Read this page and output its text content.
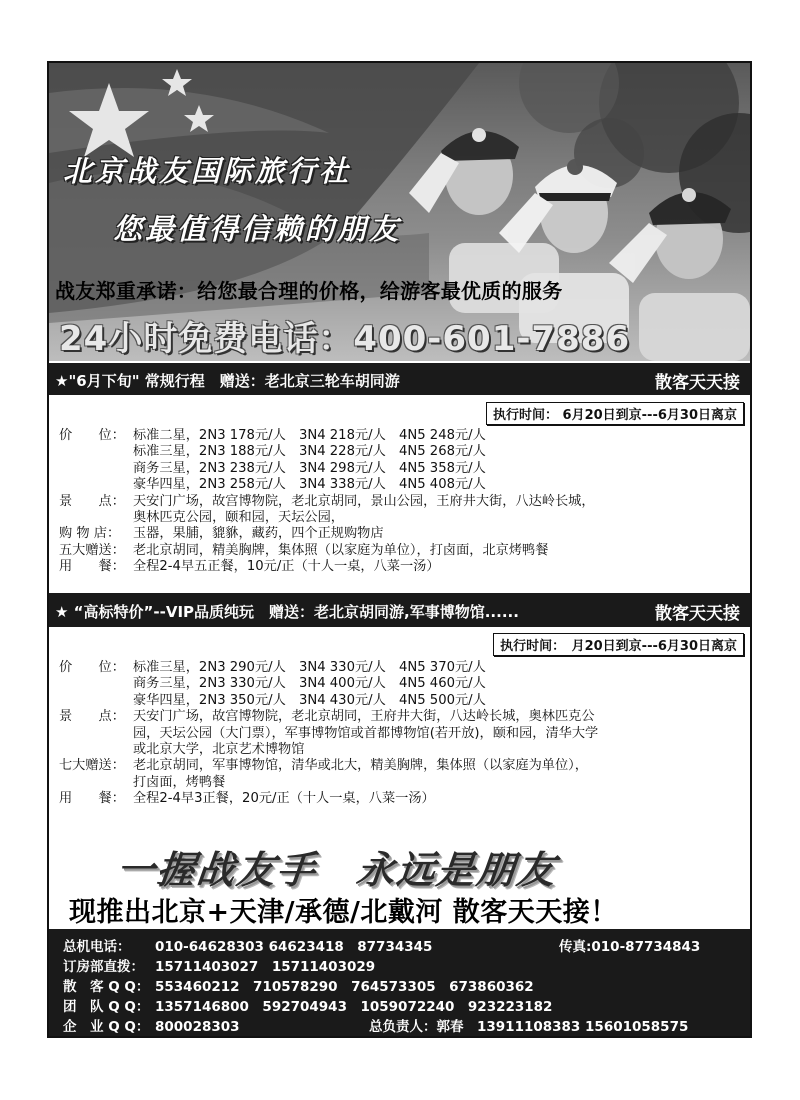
北京战友国际旅行社
您最值得信赖的朋友
战友郑重承诺：给您最合理的价格，给游客最优质的服务
24小时免费电话：400-601-7886
★"6月下旬" 常规行程　赠送：老北京三轮车胡同游	散客天天接
执行时间： 6月20日到京---6月30日离京
价　　位： 标准二星，2N3 178元/人　3N4 218元/人　4N5 248元/人
标准三星，2N3 188元/人　3N4 228元/人　4N5 268元/人
商务三星，2N3 238元/人　3N4 298元/人　4N5 358元/人
豪华四星，2N3 258元/人　3N4 338元/人　4N5 408元/人
景　　点： 天安门广场，故宫博物院，老北京胡同，景山公园，王府井大街，八达岭长城，
奥林匹克公园，颐和园，天坛公园，
购 物 店： 玉器，果脯，貔貅，藏药，四个正规购物店
五大赠送： 老北京胡同，精美胸牌，集体照（以家庭为单位），打卤面，北京烤鸭餐
用　　餐： 全程2-4早五正餐，10元/正（十人一桌，八菜一汤）
★ “高标特价”--VIP品质纯玩　赠送：老北京胡同游,军事博物馆......	散客天天接
执行时间：　月20日到京---6月30日离京
价　　位： 标准三星，2N3 290元/人　3N4 330元/人　4N5 370元/人
商务三星，2N3 330元/人　3N4 400元/人　4N5 460元/人
豪华四星，2N3 350元/人　3N4 430元/人　4N5 500元/人
景　　点： 天安门广场，故宫博物院，老北京胡同，王府井大街，八达岭长城，奥林匹克公
园，天坛公园（大门票），军事博物馆或首都博物馆(若开放)，颐和园，清华大学
或北京大学，北京艺术博物馆
七大赠送： 老北京胡同，军事博物馆，清华或北大，精美胸牌，集体照（以家庭为单位），
打卤面，烤鸭餐
用　　餐： 全程2-4早3正餐，20元/正（十人一桌，八菜一汤）
一握战友手　永远是朋友
现推出北京+天津/承德/北戴河 散客天天接！
总机电话： 010-64628303 64623418　87734345	传真:010-87734843
订房部直拨： 15711403027　15711403029
散　客 Q Q： 553460212　710578290　764573305　673860362
团　队 Q Q： 1357146800　592704943　1059072240　923223182
企　业 Q Q： 800028303	总负责人：郭春　13911108383 15601058575
